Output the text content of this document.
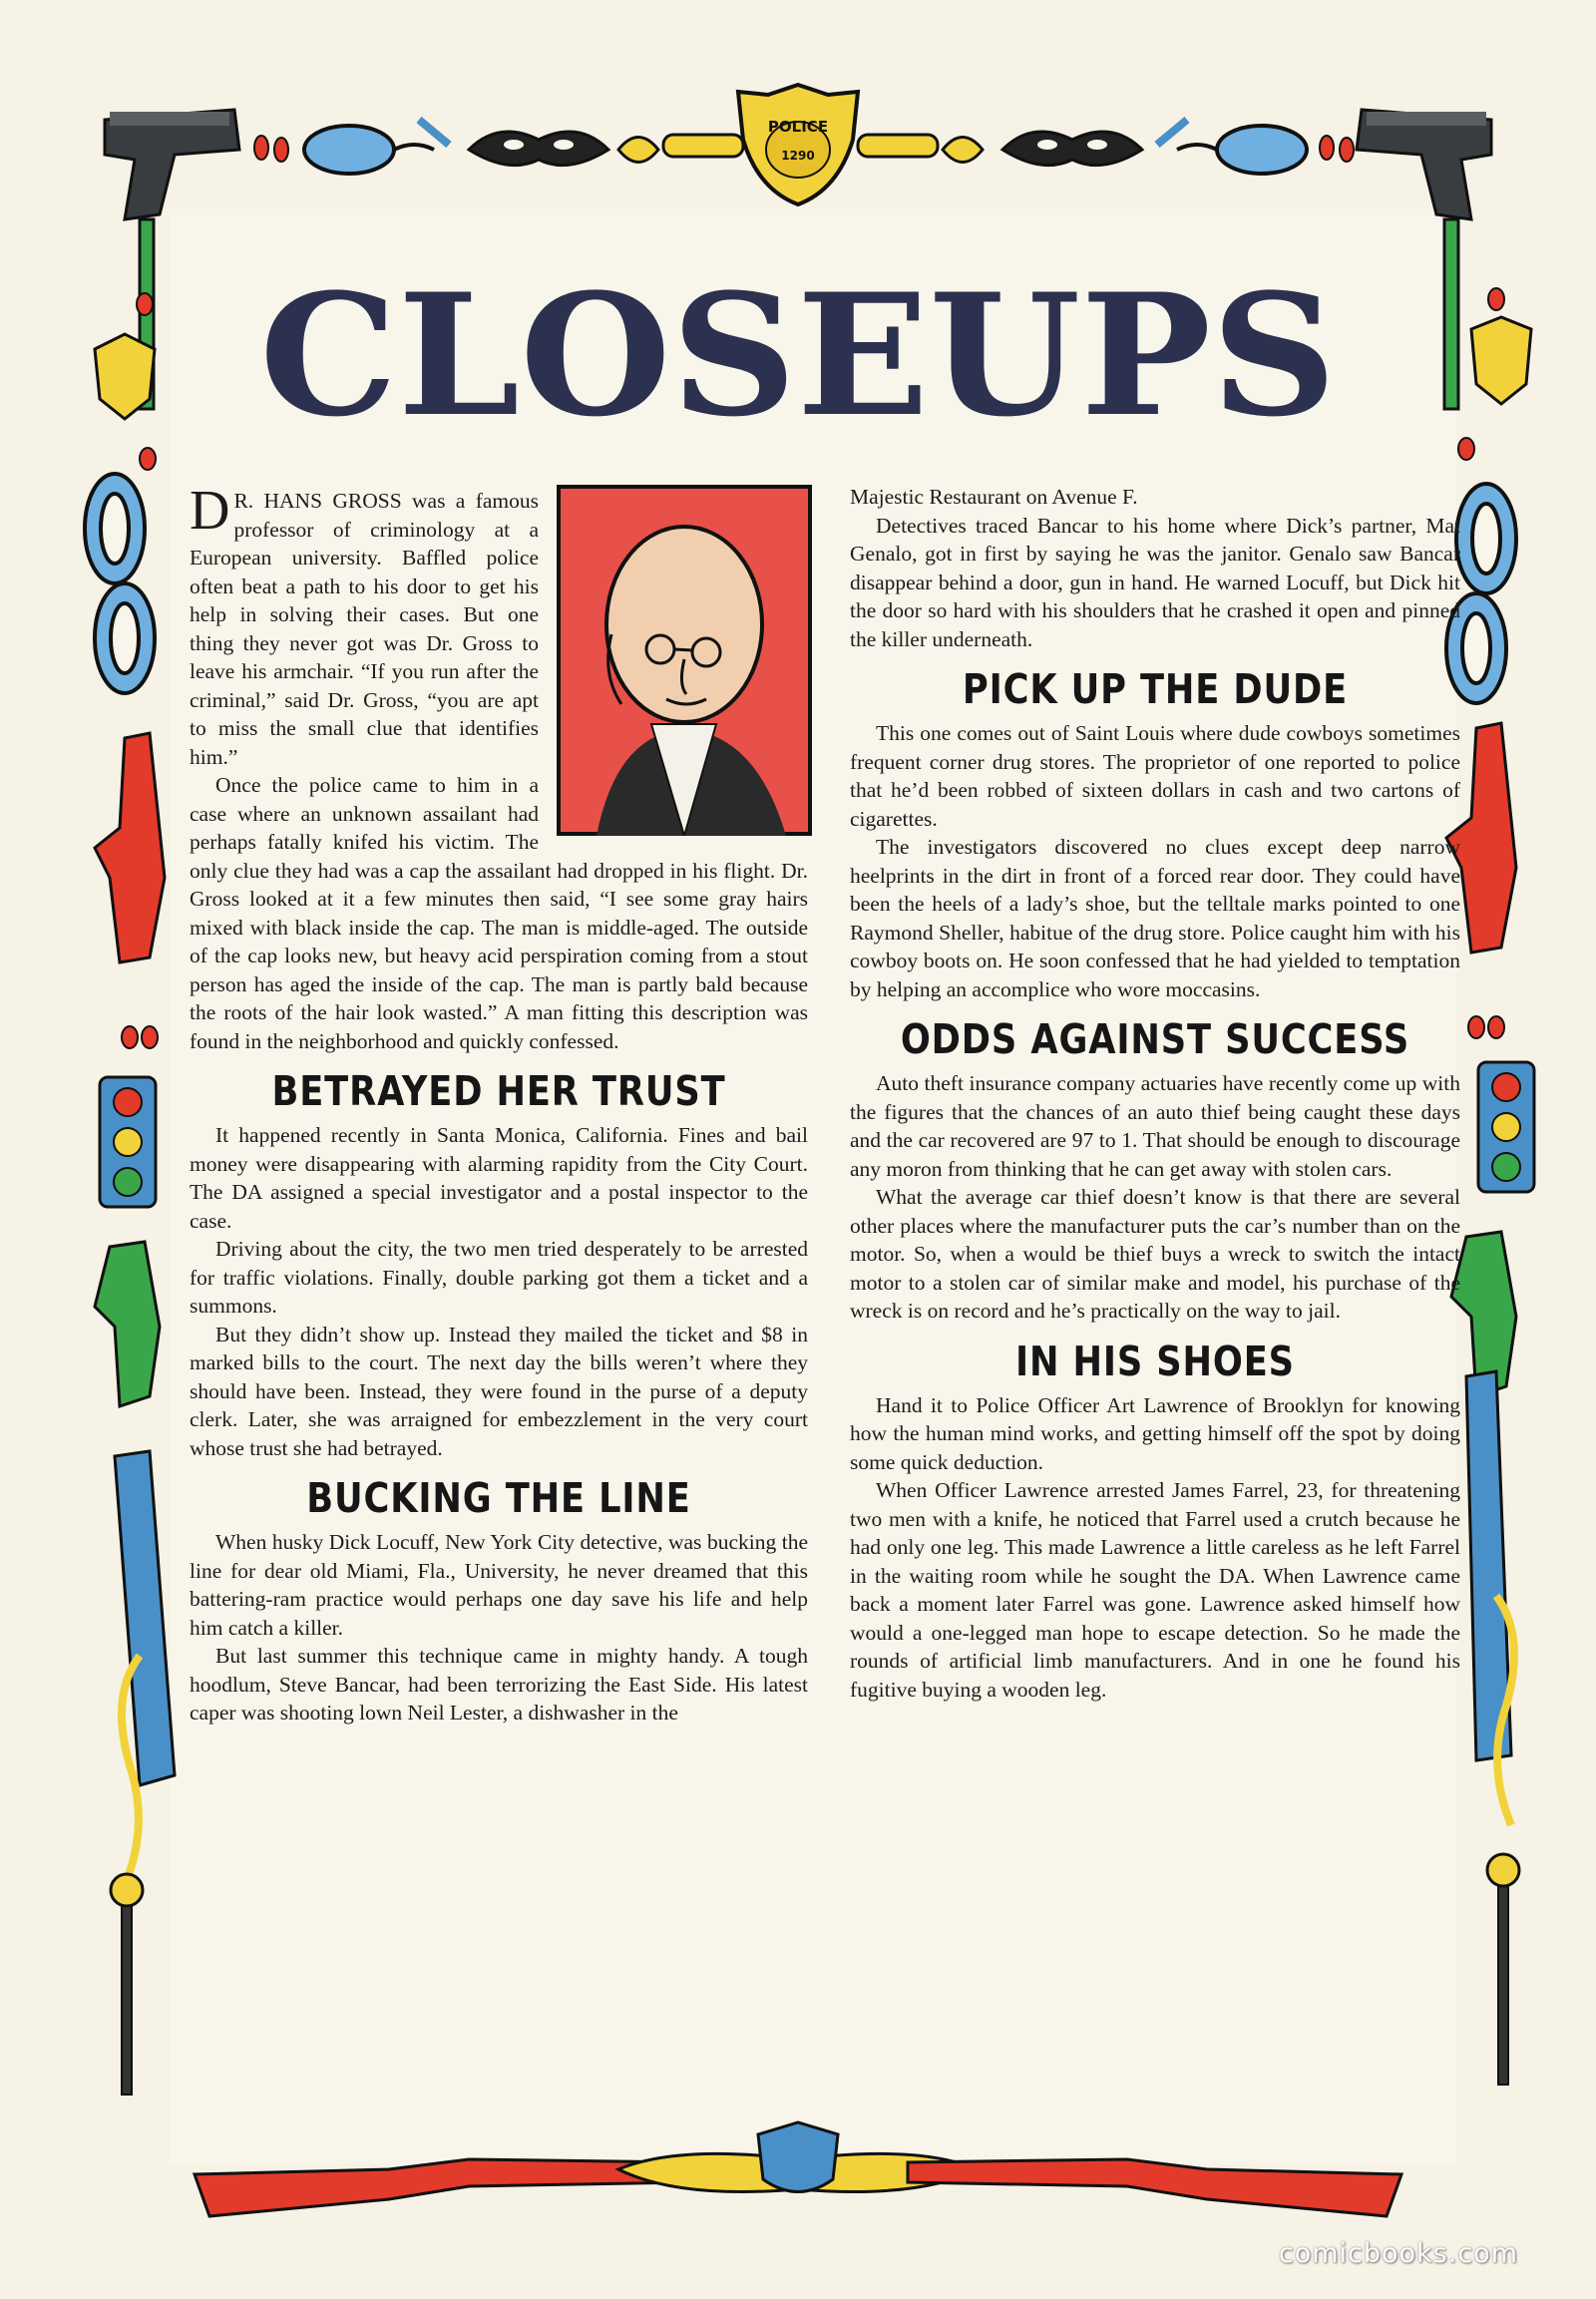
POLICE
1290
CLOSEUPS

D R. HANS GROSS was a famous professor of criminology at a European university. Baffled police often beat a path to his door to get his help in solving their cases. But one thing they never got was Dr. Gross to leave his armchair. “If you run after the criminal,” said Dr. Gross, “you are apt to miss the small clue that identifies him.”

Once the police came to him in a case where an unknown assailant had perhaps fatally knifed his victim. The only clue they had was a cap the assailant had dropped in his flight. Dr. Gross looked at it a few minutes then said, “I see some gray hairs mixed with black inside the cap. The man is middle-aged. The outside of the cap looks new, but heavy acid perspiration coming from a stout person has aged the inside of the cap. The man is partly bald because the roots of the hair look wasted.” A man fitting this description was found in the neighborhood and quickly confessed.

BETRAYED HER TRUST

It happened recently in Santa Monica, California. Fines and bail money were disappearing with alarming rapidity from the City Court. The DA assigned a special investigator and a postal inspector to the case.

Driving about the city, the two men tried desperately to be arrested for traffic violations. Finally, double parking got them a ticket and a summons.

But they didn’t show up. Instead they mailed the ticket and $8 in marked bills to the court. The next day the bills weren’t where they should have been. Instead, they were found in the purse of a deputy clerk. Later, she was arraigned for embezzlement in the very court whose trust she had betrayed.

BUCKING THE LINE

When husky Dick Locuff, New York City detective, was bucking the line for dear old Miami, Fla., University, he never dreamed that this battering-ram practice would perhaps one day save his life and help him catch a killer.

But last summer this technique came in mighty handy. A tough hoodlum, Steve Bancar, had been terrorizing the East Side. His latest caper was shooting lown Neil Lester, a dishwasher in the

Majestic Restaurant on Avenue F.

Detectives traced Bancar to his home where Dick’s partner, Mat Genalo, got in first by saying he was the janitor. Genalo saw Bancar disappear behind a door, gun in hand. He warned Locuff, but Dick hit the door so hard with his shoulders that he crashed it open and pinned the killer underneath.

PICK UP THE DUDE

This one comes out of Saint Louis where dude cowboys sometimes frequent corner drug stores. The proprietor of one reported to police that he’d been robbed of sixteen dollars in cash and two cartons of cigarettes.

The investigators discovered no clues except deep narrow heelprints in the dirt in front of a forced rear door. They could have been the heels of a lady’s shoe, but the telltale marks pointed to one Raymond Sheller, habitue of the drug store. Police caught him with his cowboy boots on. He soon confessed that he had yielded to temptation by helping an accomplice who wore moccasins.

ODDS AGAINST SUCCESS

Auto theft insurance company actuaries have recently come up with the figures that the chances of an auto thief being caught these days and the car recovered are 97 to 1. That should be enough to discourage any moron from thinking that he can get away with stolen cars.

What the average car thief doesn’t know is that there are several other places where the manufacturer puts the car’s number than on the motor. So, when a would be thief buys a wreck to switch the intact motor to a stolen car of similar make and model, his purchase of the wreck is on record and he’s practically on the way to jail.

IN HIS SHOES

Hand it to Police Officer Art Lawrence of Brooklyn for knowing how the human mind works, and getting himself off the spot by doing some quick deduction.

When Officer Lawrence arrested James Farrel, 23, for threatening two men with a knife, he noticed that Farrel used a crutch because he had only one leg. This made Lawrence a little careless as he left Farrel in the waiting room while he sought the DA. When Lawrence came back a moment later Farrel was gone. Lawrence asked himself how would a one-legged man hope to escape detection. So he made the rounds of artificial limb manufacturers. And in one he found his fugitive buying a wooden leg.

comicbooks.com
